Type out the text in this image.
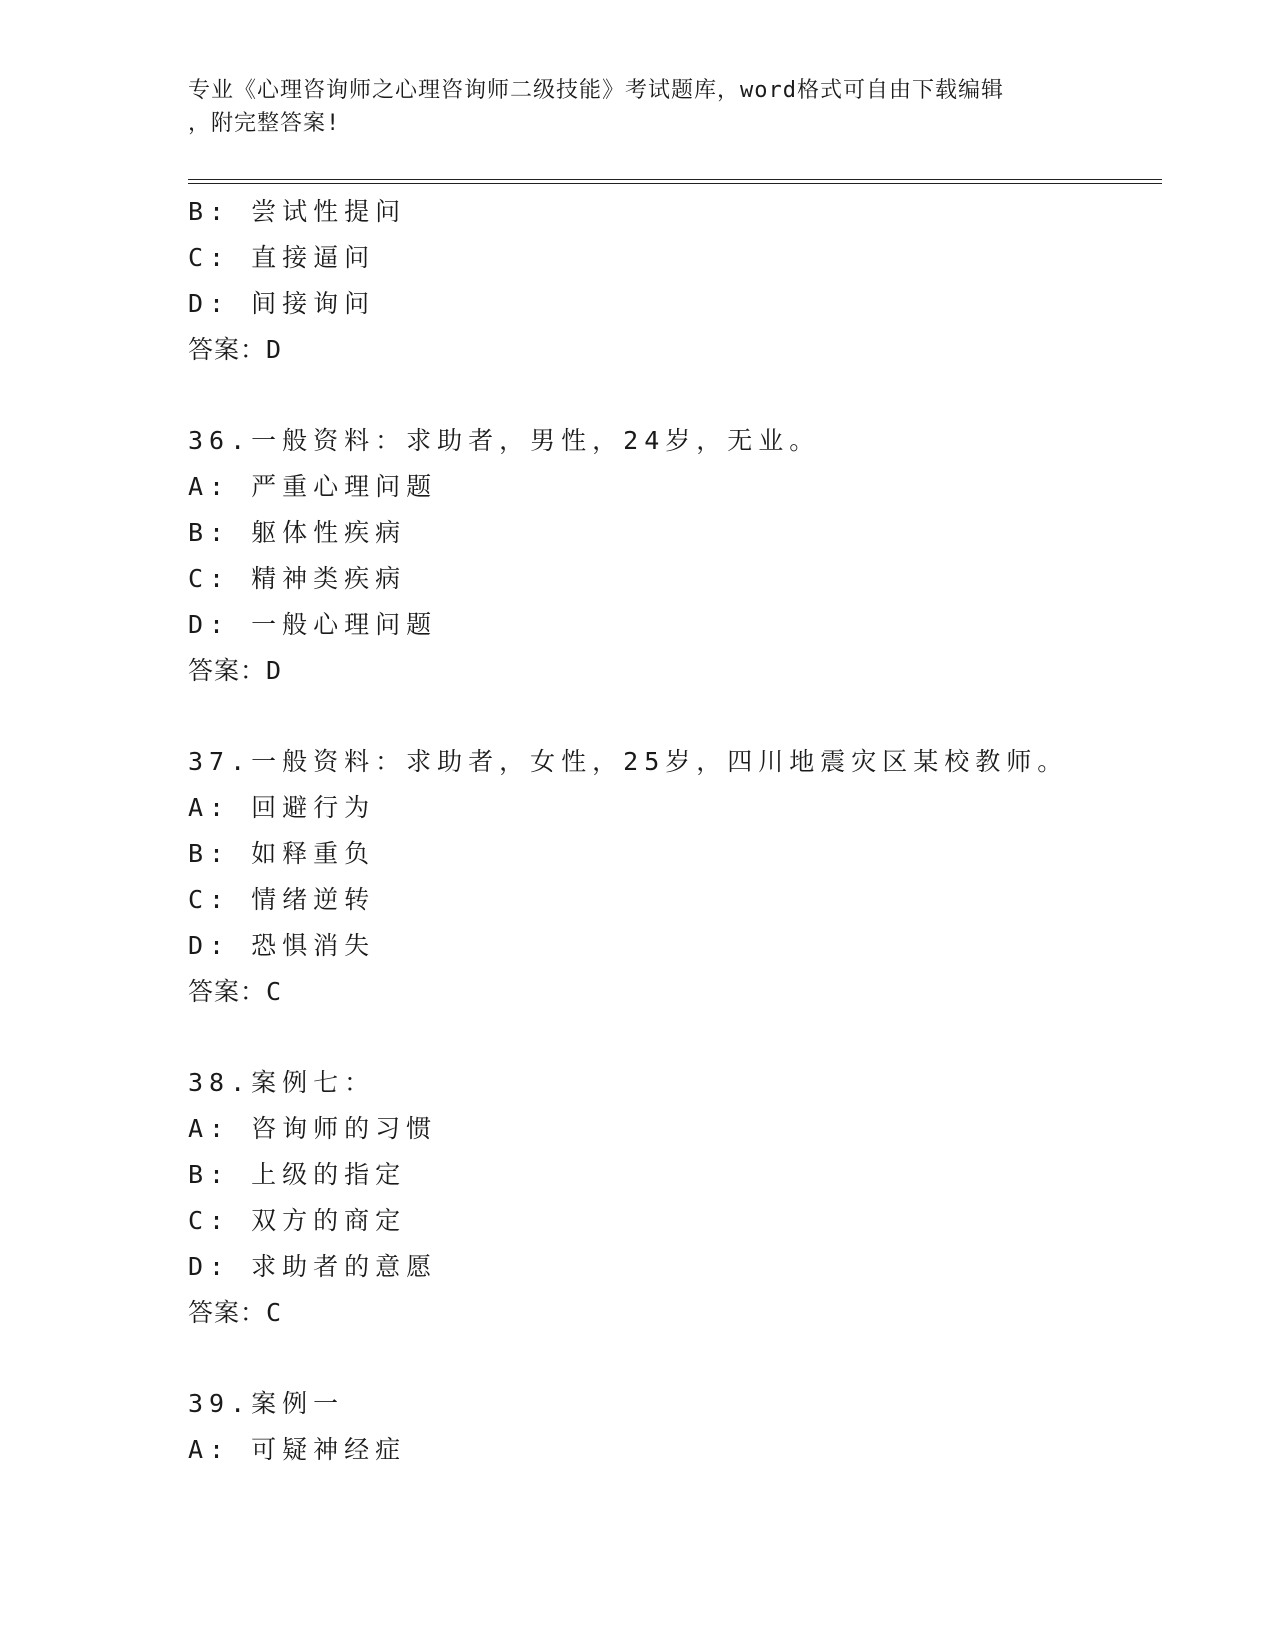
专业《心理咨询师之心理咨询师二级技能》考试题库，word格式可自由下载编辑
，附完整答案!
B: 尝试性提问
C: 直接逼问
D: 间接询问
答案：D
36.一般资料：求助者，男性，24岁，无业。
A: 严重心理问题
B: 躯体性疾病
C: 精神类疾病
D: 一般心理问题
答案：D
37.一般资料：求助者，女性，25岁，四川地震灾区某校教师。
A: 回避行为
B: 如释重负
C: 情绪逆转
D: 恐惧消失
答案：C
38.案例七：
A: 咨询师的习惯
B: 上级的指定
C: 双方的商定
D: 求助者的意愿
答案：C
39.案例一
A: 可疑神经症
